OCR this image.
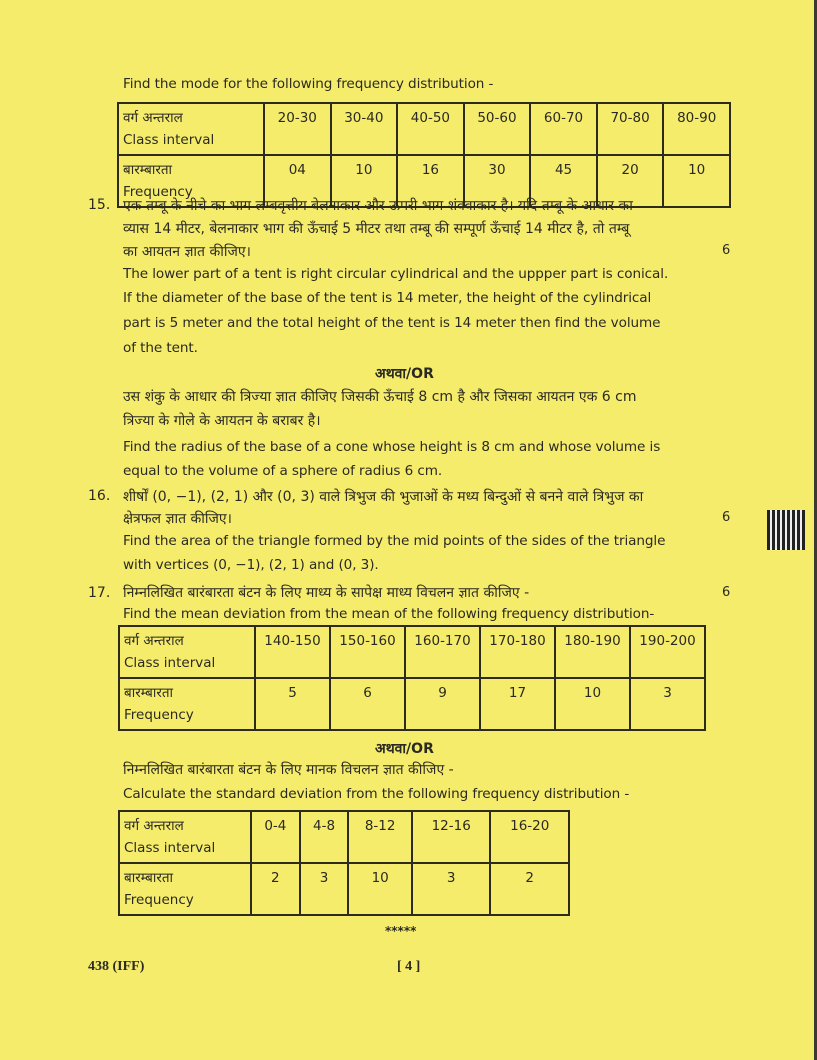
Find the mode for the following frequency distribution -
वर्ग अन्तराल
Class interval	20-30	30-40	40-50	50-60	60-70	70-80	80-90

बारम्बारता
Frequency	04	10	16	30	45	20	10
15. एक तम्बू के नीचे का भाग लम्बवृत्तीय बेलनाकार और ऊपरी भाग शंक्वाकार है। यदि तम्बू के आधार का
व्यास 14 मीटर, बेलनाकार भाग की ऊँचाई 5 मीटर तथा तम्बू की सम्पूर्ण ऊँचाई 14 मीटर है, तो तम्बू
का आयतन ज्ञात कीजिए।	6
The lower part of a tent is right circular cylindrical and the uppper part is conical.
If the diameter of the base of the tent is 14 meter, the height of the cylindrical
part is 5 meter and the total height of the tent is 14 meter then find the volume
of the tent.
अथवा/OR
उस शंकु के आधार की त्रिज्या ज्ञात कीजिए जिसकी ऊँचाई 8 cm है और जिसका आयतन एक 6 cm
त्रिज्या के गोले के आयतन के बराबर है।
Find the radius of the base of a cone whose height is 8 cm and whose volume is
equal to the volume of a sphere of radius 6 cm.
16. शीर्षों (0, −1), (2, 1) और (0, 3) वाले त्रिभुज की भुजाओं के मध्य बिन्दुओं से बनने वाले त्रिभुज का
क्षेत्रफल ज्ञात कीजिए।	6
Find the area of the triangle formed by the mid points of the sides of the triangle
with vertices (0, −1), (2, 1) and (0, 3).
17. निम्नलिखित बारंबारता बंटन के लिए माध्य के सापेक्ष माध्य विचलन ज्ञात कीजिए -	6
Find the mean deviation from the mean of the following frequency distribution-
वर्ग अन्तराल
Class interval	140-150	150-160	160-170	170-180	180-190	190-200

बारम्बारता
Frequency	5	6	9	17	10	3
अथवा/OR
निम्नलिखित बारंबारता बंटन के लिए मानक विचलन ज्ञात कीजिए -
Calculate the standard deviation from the following frequency distribution -
वर्ग अन्तराल
Class interval	0-4	4-8	8-12	12-16	16-20

बारम्बारता
Frequency	2	3	10	3	2
*****
438 (IFF)	[ 4 ]
